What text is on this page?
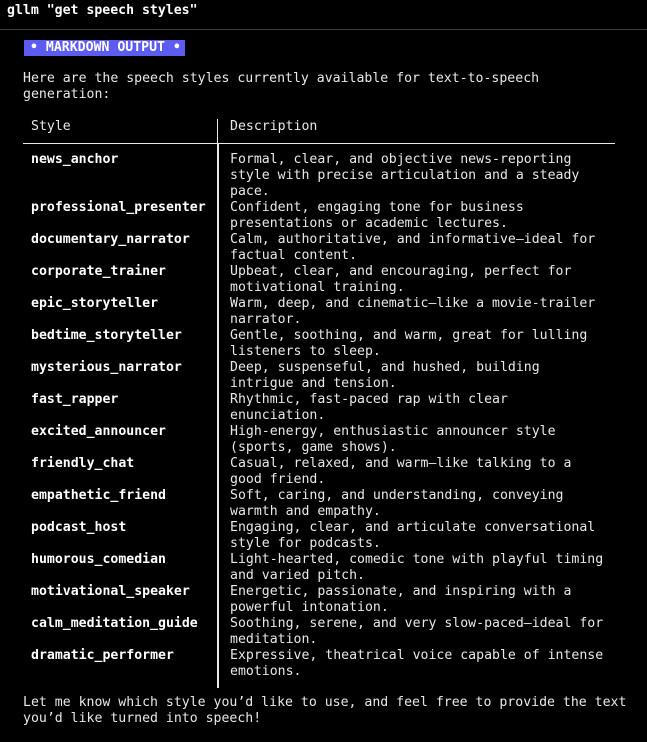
gllm "get speech styles"
• MARKDOWN OUTPUT •
Here are the speech styles currently available for text-to-speech
generation:
Style	Description
news_anchor	Formal, clear, and objective news-reporting
style with precise articulation and a steady
pace.
professional_presenter	Confident, engaging tone for business
presentations or academic lectures.
documentary_narrator	Calm, authoritative, and informative—ideal for
factual content.
corporate_trainer	Upbeat, clear, and encouraging, perfect for
motivational training.
epic_storyteller	Warm, deep, and cinematic—like a movie-trailer
narrator.
bedtime_storyteller	Gentle, soothing, and warm, great for lulling
listeners to sleep.
mysterious_narrator	Deep, suspenseful, and hushed, building
intrigue and tension.
fast_rapper	Rhythmic, fast-paced rap with clear
enunciation.
excited_announcer	High-energy, enthusiastic announcer style
(sports, game shows).
friendly_chat	Casual, relaxed, and warm—like talking to a
good friend.
empathetic_friend	Soft, caring, and understanding, conveying
warmth and empathy.
podcast_host	Engaging, clear, and articulate conversational
style for podcasts.
humorous_comedian	Light-hearted, comedic tone with playful timing
and varied pitch.
motivational_speaker	Energetic, passionate, and inspiring with a
powerful intonation.
calm_meditation_guide	Soothing, serene, and very slow-paced—ideal for
meditation.
dramatic_performer	Expressive, theatrical voice capable of intense
emotions.
Let me know which style you’d like to use, and feel free to provide the text
you’d like turned into speech!
